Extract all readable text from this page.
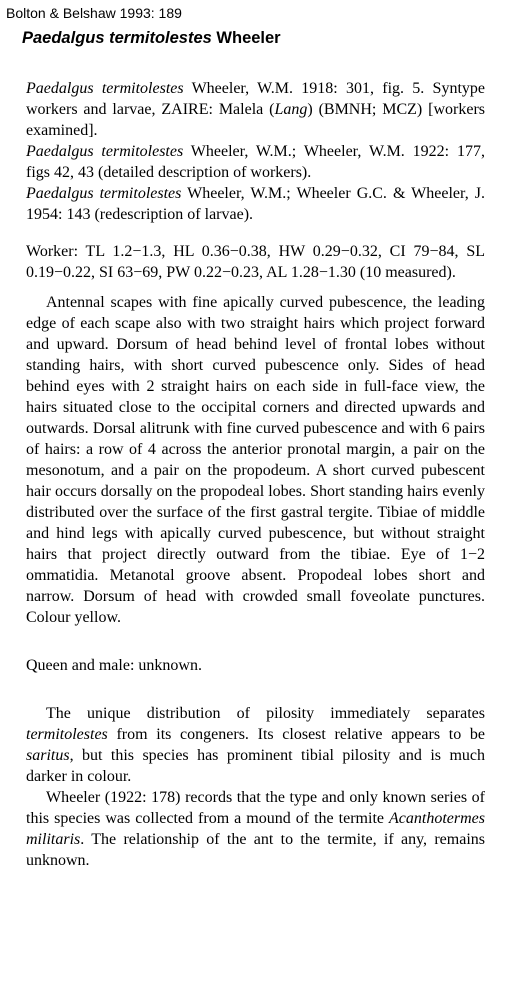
Bolton & Belshaw 1993: 189
Paedalgus termitolestes Wheeler

Paedalgus termitolestes Wheeler, W.M. 1918: 301, fig. 5. Syntype workers and larvae, ZAIRE: Malela (Lang) (BMNH; MCZ) [workers examined].

Paedalgus termitolestes Wheeler, W.M.; Wheeler, W.M. 1922: 177, figs 42, 43 (detailed description of workers).

Paedalgus termitolestes Wheeler, W.M.; Wheeler G.C. & Wheeler, J. 1954: 143 (redescription of larvae).

Worker: TL 1.2−1.3, HL 0.36−0.38, HW 0.29−0.32, CI 79−84, SL 0.19−0.22, SI 63−69, PW 0.22−0.23, AL 1.28−1.30 (10 measured).

Antennal scapes with fine apically curved pubescence, the leading edge of each scape also with two straight hairs which project forward and upward. Dorsum of head behind level of frontal lobes without standing hairs, with short curved pubescence only. Sides of head behind eyes with 2 straight hairs on each side in full-face view, the hairs situated close to the occipital corners and directed upwards and outwards. Dorsal alitrunk with fine curved pubescence and with 6 pairs of hairs: a row of 4 across the anterior pronotal margin, a pair on the mesonotum, and a pair on the propodeum. A short curved pubescent hair occurs dorsally on the propodeal lobes. Short standing hairs evenly distributed over the surface of the first gastral tergite. Tibiae of middle and hind legs with apically curved pubescence, but without straight hairs that project directly outward from the tibiae. Eye of 1−2 ommatidia. Metanotal groove absent. Propodeal lobes short and narrow. Dorsum of head with crowded small foveolate punctures. Colour yellow.

Queen and male: unknown.

The unique distribution of pilosity immediately separates termitolestes from its congeners. Its closest relative appears to be saritus, but this species has prominent tibial pilosity and is much darker in colour.

Wheeler (1922: 178) records that the type and only known series of this species was collected from a mound of the termite Acanthotermes militaris. The relationship of the ant to the termite, if any, remains unknown.
